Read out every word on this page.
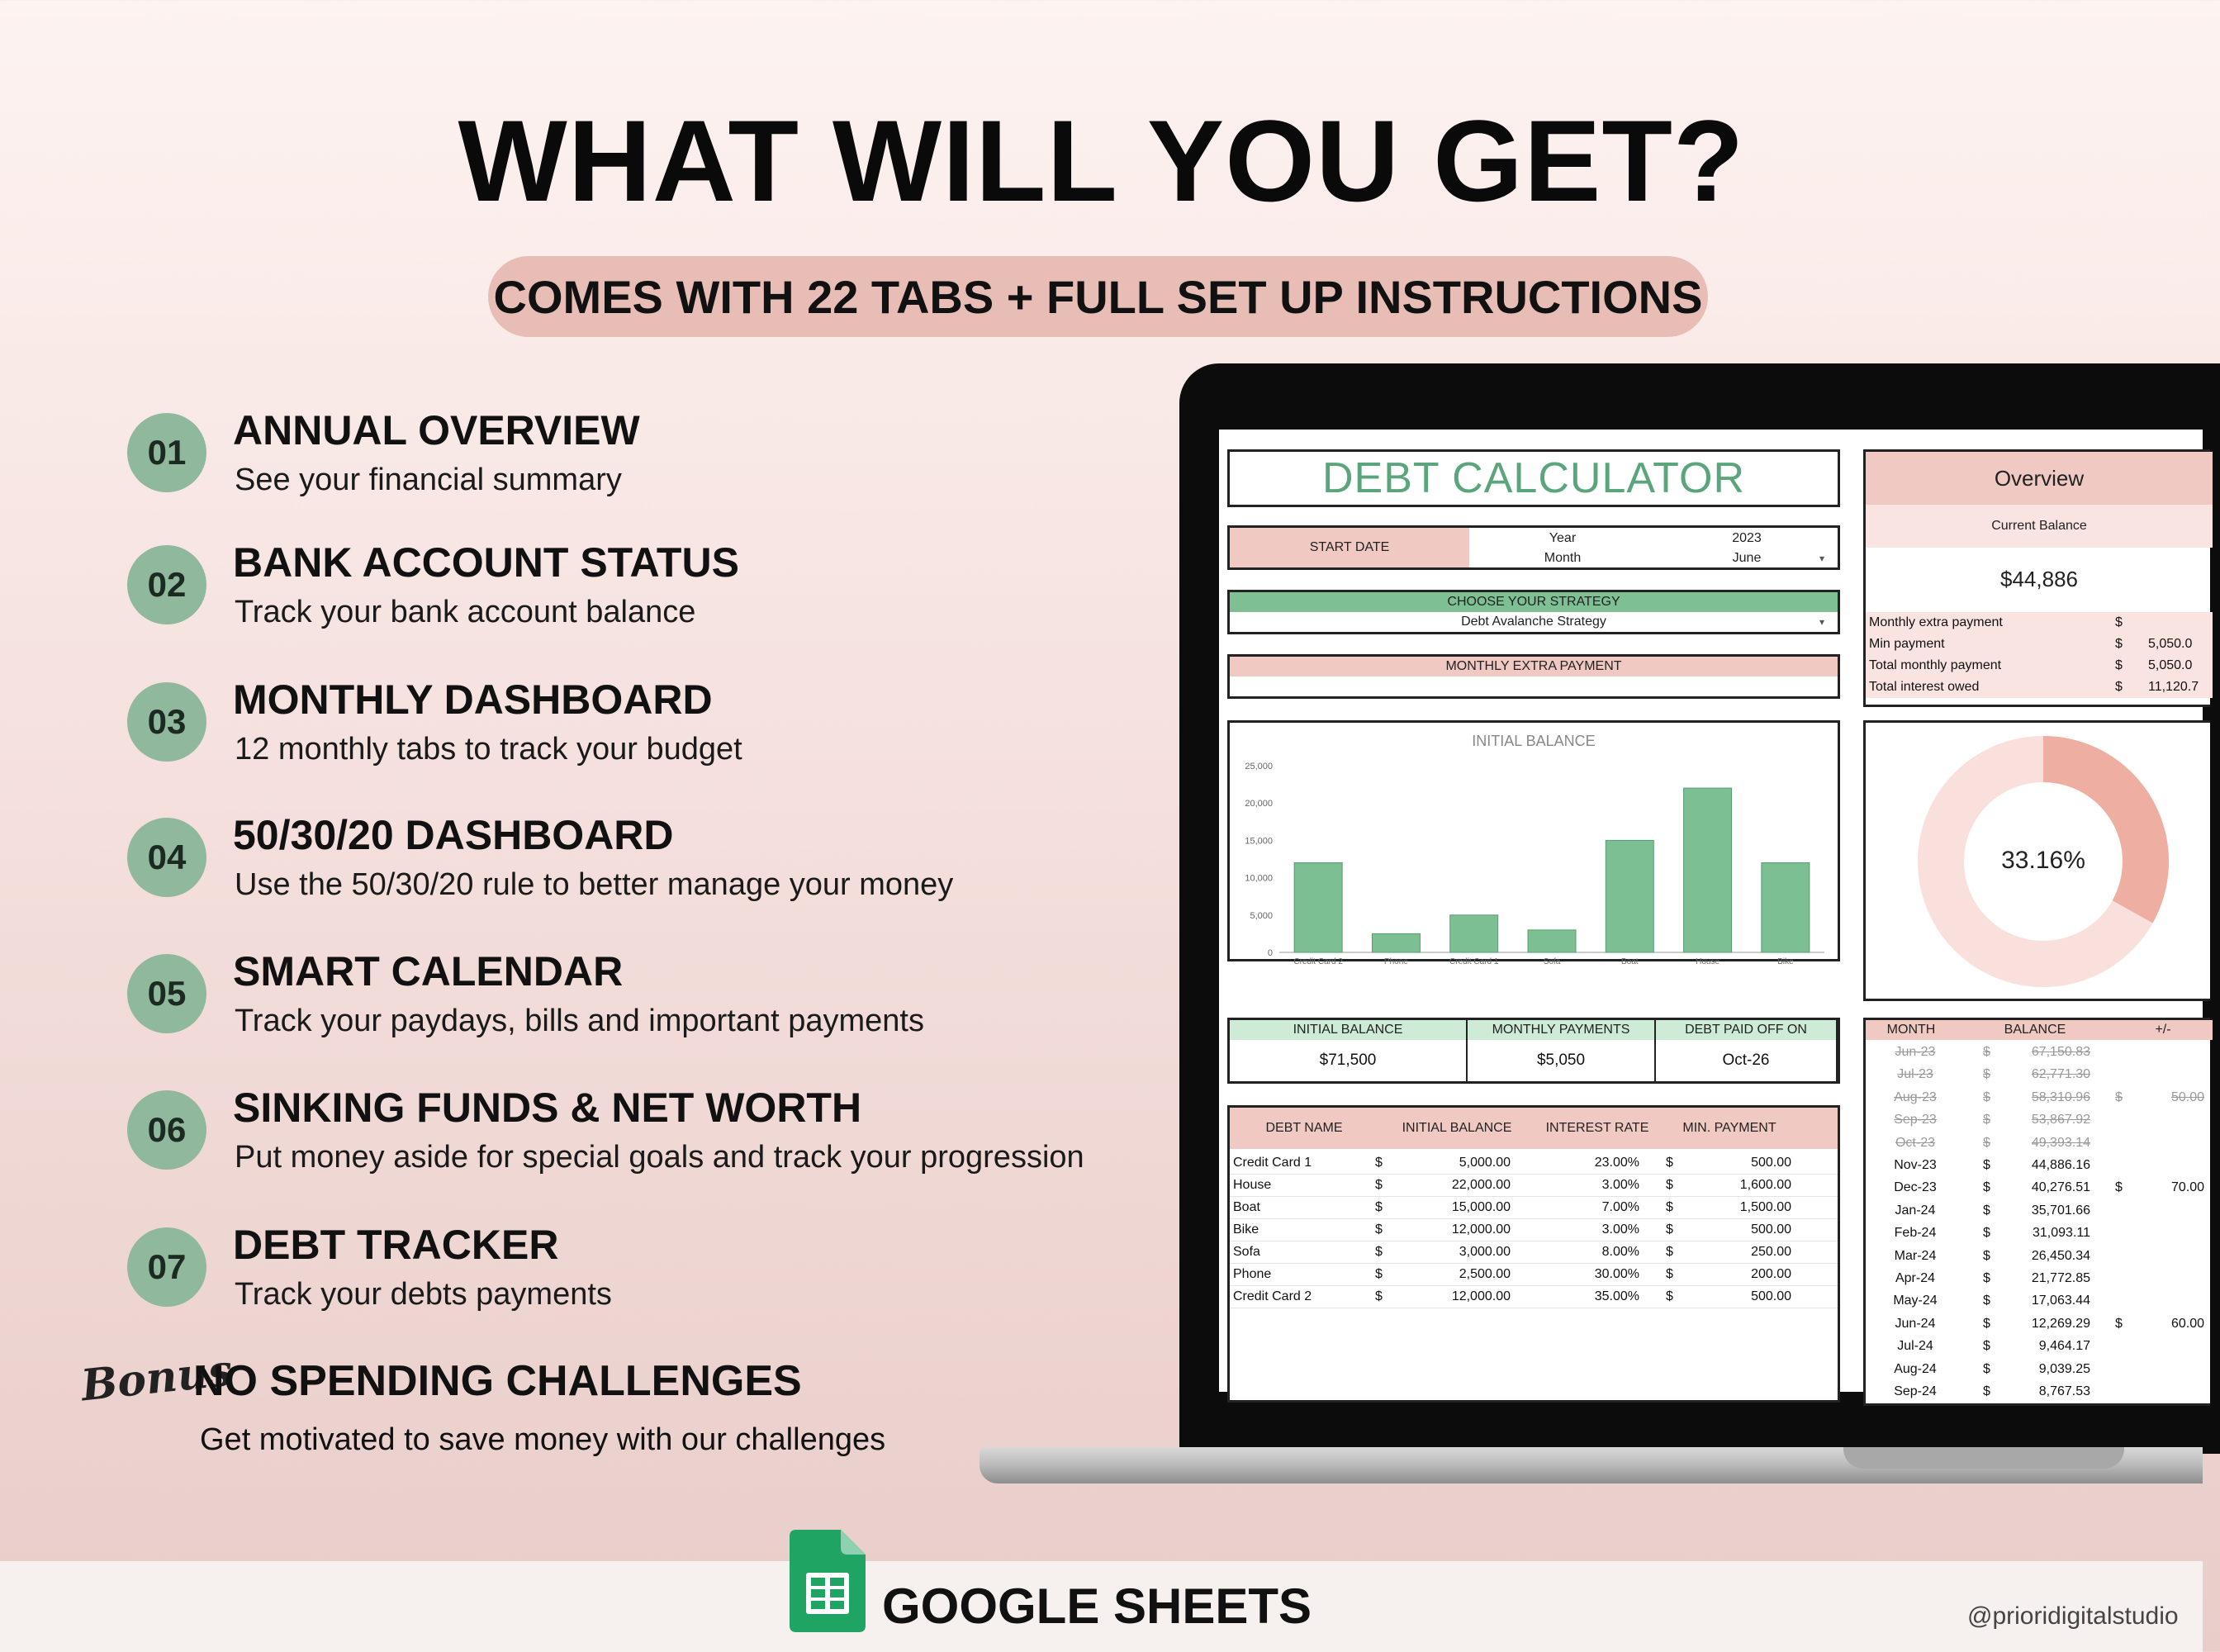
WHAT WILL YOU GET?
COMES WITH 22 TABS + FULL SET UP INSTRUCTIONS
01	ANNUAL OVERVIEW
See your financial summary
02	BANK ACCOUNT STATUS
Track your bank account balance
03	MONTHLY DASHBOARD
12 monthly tabs to track your budget
04	50/30/20 DASHBOARD
Use the 50/30/20 rule to better manage your money
05	SMART CALENDAR
Track your paydays, bills and important payments
06	SINKING FUNDS & NET WORTH
Put money aside for special goals and track your progression
07	DEBT TRACKER
Track your debts payments
Bonus
NO SPENDING CHALLENGES
Get motivated to save money with our challenges
DEBT CALCULATOR
START DATE
Year	2023
Month	June	▾
CHOOSE YOUR STRATEGY
Debt Avalanche Strategy	▾
MONTHLY EXTRA PAYMENT
INITIAL BALANCE
0
5,000
10,000
15,000
20,000
25,000
Credit Card 2	Phone	Credit Card 1	Sofa	Boat	House	Bike
INITIAL BALANCE
$71,500
MONTHLY PAYMENTS
$5,050
DEBT PAID OFF ON
Oct-26
DEBT NAME	INITIAL BALANCE	INTEREST RATE	MIN. PAYMENT
Credit Card 1	$	5,000.00	23.00% $	500.00
House	$	22,000.00	3.00% $	1,600.00
Boat	$	15,000.00	7.00% $	1,500.00
Bike	$	12,000.00	3.00% $	500.00
Sofa	$	3,000.00	8.00% $	250.00
Phone	$	2,500.00	30.00% $	200.00
Credit Card 2	$	12,000.00	35.00% $	500.00
Overview
Current Balance
$44,886
Monthly extra payment	$
Min payment	$ 5,050.0
Total monthly payment	$ 5,050.0
Total interest owed	$ 11,120.7
33.16%
MONTH	BALANCE	+/-
Jun-23	$	67,150.83
Jul-23	$	62,771.30
Aug-23	$	58,310.96 $	50.00
Sep-23	$	53,867.92
Oct-23	$	49,393.14
Nov-23	$	44,886.16
Dec-23	$	40,276.51 $	70.00
Jan-24	$	35,701.66
Feb-24	$	31,093.11
Mar-24	$	26,450.34
Apr-24	$	21,772.85
May-24	$	17,063.44
Jun-24	$	12,269.29 $	60.00
Jul-24	$	9,464.17
Aug-24	$	9,039.25
Sep-24	$	8,767.53
GOOGLE SHEETS	@prioridigitalstudio
